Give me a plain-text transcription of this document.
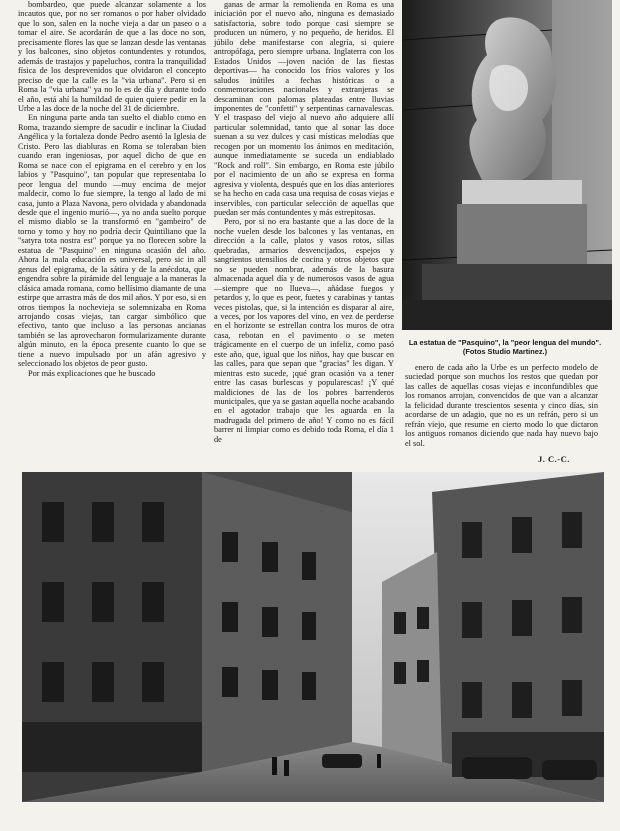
bombardeo, que puede alcanzar solamente a los incautos que, por no ser romanos o por haber olvidado que lo son, salen en la noche vieja a dar un paseo o a tomar el aire. Se acordarán de que a las doce no son, precisamente flores las que se lanzan desde las ventanas y los balcones, sino objetos contundentes y rotundos, además de trastajos y papeluchos, contra la tranquilidad física de los desprevenidos que olvidaron el concepto preciso de que la calle es la "via urbana". Pero si en Roma la "via urbana" ya no lo es de día y durante todo el año, está ahí la humildad de quien quiere pedir en la Urbe a las doce de la noche del 31 de diciembre.

En ninguna parte anda tan suelto el diablo como en Roma, trazando siempre de sacudir e inclinar la Ciudad Angélica y la fortaleza donde Pedro asentó la Iglesia de Cristo. Pero las diabluras en Roma se toleraban bien cuando eran ingeniosas, por aquel dicho de que en Roma se nace con el epigrama en el cerebro y en los labios y "Pasquino", tan popular que representaba lo peor lengua del mundo —muy encima de mejor maldecir, como lo fue siempre, la tengo al lado de mi casa, junto a Plaza Navona, pero olvidada y abandonada desde que el ingenio murió—, ya no anda suelto porque el mismo diablo se la transformó en "gambeiro" de torno y tomo y hoy no podría decir Quintiliano que la "satyra tota nostra est" porque ya no florecen sobre la estatua de "Pasquino" en ninguna ocasión del año. Ahora la mala educación es universal, pero sic in all genus del epigrama, de la sátira y de la anécdota, que engendra sobre la pirámide del lenguaje a la maneras la clásica amada romana, como bellísimo diamante de una estirpe que arrastra más de dos mil años. Y por eso, si en otros tiempos la nochevieja se solemnizaba en Roma arrojando cosas viejas, tan cargar simbólico que efectivo, tanto que incluso a las personas ancianas también se las aprovecharon formularizamente durante algún minuto, en la época presente cuanto lo que se tiene a nuevo impulsado por un afán agresivo y seleccionado los objetos de peor gusto.

Por más explicaciones que he buscado

ganas de armar la remolienda en Roma es una iniciación por el nuevo año, ninguna es demasiado satisfactoria, sobre todo porque casi siempre se producen un número, y no pequeño, de heridos. El júbilo debe manifestarse con alegría, si quiere antropófaga, pero siempre urbana. Inglaterra con los Estados Unidos —joven nación de las fiestas deportivas— ha conocido los fríos valores y los saludos inútiles a fechas históricas o a conmemoraciones nacionales y extranjeras se descaminan con palomas plateadas entre lluvias imponentes de "confetti" y serpentinas carnavalescas. Y el traspaso del viejo al nuevo año adquiere allí particular solemnidad, tanto que al sonar las doce suenan a su vez dulces y casi místicas melodías que recogen por un momento los ánimos en meditación, aunque inmediatamente se suceda un endiablado "Rock and roll". Sin embargo, en Roma este júbilo por el nacimiento de un año se expresa en forma agresiva y violenta, después que en los días anteriores se ha hecho en cada casa una requisa de cosas viejas e inservibles, con particular selección de aquellas que puedan ser más contundentes y más estrepitosas.

Pero, por si no era bastante que a las doce de la noche vuelen desde los balcones y las ventanas, en dirección a la calle, platos y vasos rotos, sillas quebradas, armarios desvencijados, espejos y sangrientos utensilios de cocina y otros objetos que no se pueden nombrar, además de la basura almacenada aquel día y de numerosos vasos de agua —siempre que no llueva—, añádase fuegos y petardos y, lo que es peor, fuetes y carabinas y tantas veces pistolas, que, si la intención es disparar al aire, a veces, por los vapores del vino, en vez de perderse en el horizonte se estrellan contra los muros de otra casa, rebotan en el pavimento o se meten trágicamente en el cuerpo de un infeliz, como pasó este año, que, igual que los niños, hay que buscar en las calles, para que sepan que "gracias" les digan. Y mientras esto sucede, ¡qué gran ocasión va a tener entre las casas burlescas y popularescas! ¡Y qué maldiciones de las de los pobres barrenderos municipales, que ya se gastan aquella noche acabando en el agotador trabajo que les aguarda en la madrugada del primero de año! Y como no es fácil barrer ni limpiar como es debido toda Roma, el día 1 de

La estatua de "Pasquino", la "peor lengua del mundo". (Fotos Studio Martinez.)

enero de cada año la Urbe es un perfecto modelo de suciedad porque son muchos los restos que quedan por las calles de aquellas cosas viejas e inconfundibles que los romanos arrojan, convencidos de que van a alcanzar la felicidad durante trescientos sesenta y cinco días, sin acordarse de un adagio, que no es un refrán, pero si un refrán viejo, que resume en cierto modo lo que dictaron los antiguos romanos diciendo que nada hay nuevo bajo el sol.

J. C.-C.
